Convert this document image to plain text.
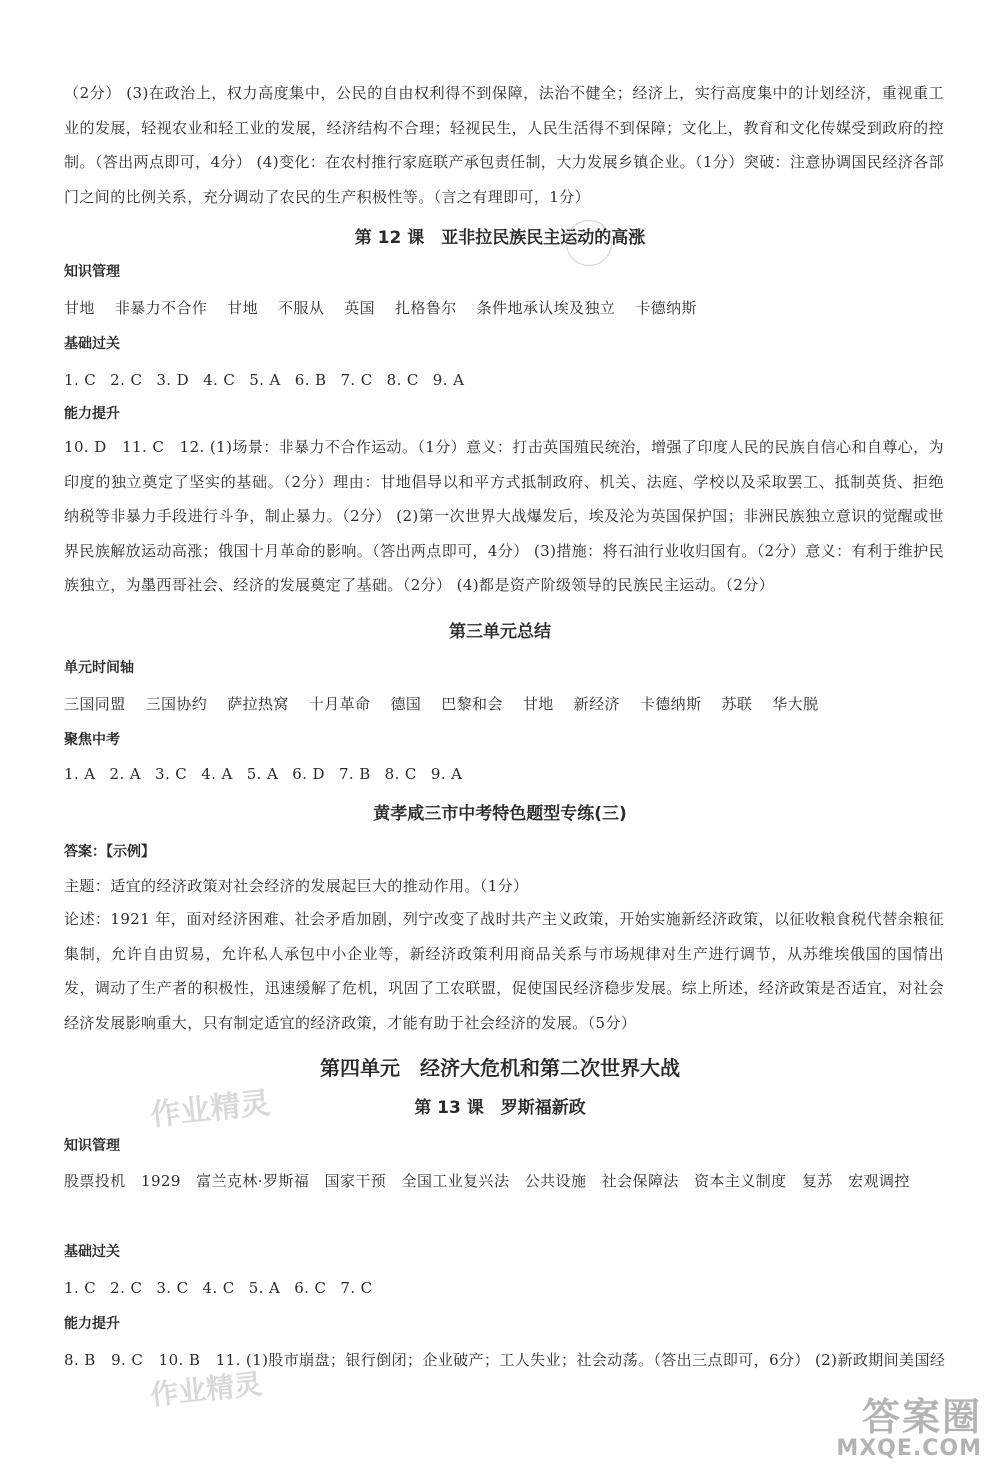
（2分） (3)在政治上，权力高度集中，公民的自由权利得不到保障，法治不健全；经济上，实行高度集中的计划经济，重视重工业的发展，轻视农业和轻工业的发展，经济结构不合理；轻视民生，人民生活得不到保障；文化上，教育和文化传媒受到政府的控制。（答出两点即可，4分） (4)变化：在农村推行家庭联产承包责任制，大力发展乡镇企业。（1分）突破：注意协调国民经济各部门之间的比例关系，充分调动了农民的生产积极性等。（言之有理即可，1分）

第 12 课　亚非拉民族民主运动的高涨
知识管理
甘地 非暴力不合作 甘地 不服从 英国 扎格鲁尔 条件地承认埃及独立 卡德纳斯
基础过关
1. C 2. C 3. D 4. C 5. A 6. B 7. C 8. C 9. A
能力提升

10. D　11. C　12. (1)场景：非暴力不合作运动。（1分）意义：打击英国殖民统治，增强了印度人民的民族自信心和自尊心，为印度的独立奠定了坚实的基础。（2分）理由：甘地倡导以和平方式抵制政府、机关、法庭、学校以及采取罢工、抵制英货、拒绝纳税等非暴力手段进行斗争，制止暴力。（2分） (2)第一次世界大战爆发后，埃及沦为英国保护国；非洲民族独立意识的觉醒或世界民族解放运动高涨；俄国十月革命的影响。（答出两点即可，4分） (3)措施：将石油行业收归国有。（2分）意义：有利于维护民族独立，为墨西哥社会、经济的发展奠定了基础。（2分） (4)都是资产阶级领导的民族民主运动。（2分）

第三单元总结
单元时间轴
三国同盟 三国协约 萨拉热窝 十月革命 德国 巴黎和会 甘地 新经济 卡德纳斯 苏联 华大脱
聚焦中考
1. A 2. A 3. C 4. A 5. A 6. D 7. B 8. C 9. A
黄孝咸三市中考特色题型专练(三)
答案：【示例】
主题：适宜的经济政策对社会经济的发展起巨大的推动作用。（1分）

论述：1921 年，面对经济困难、社会矛盾加剧，列宁改变了战时共产主义政策，开始实施新经济政策，以征收粮食税代替余粮征集制，允许自由贸易，允许私人承包中小企业等，新经济政策利用商品关系与市场规律对生产进行调节，从苏维埃俄国的国情出发，调动了生产者的积极性，迅速缓解了危机，巩固了工农联盟，促使国民经济稳步发展。综上所述，经济政策是否适宜，对社会经济发展影响重大，只有制定适宜的经济政策，才能有助于社会经济的发展。（5分）

第四单元　经济大危机和第二次世界大战
作业精灵	第 13 课　罗斯福新政
知识管理

股票投机　1929　富兰克林·罗斯福　国家干预　全国工业复兴法　公共设施　社会保障法　资本主义制度　复苏　宏观调控

基础过关
1. C 2. C 3. C 4. C 5. A 6. C 7. C
能力提升
8. B　9. C　10. B　11. (1)股市崩盘；银行倒闭；企业破产；工人失业；社会动荡。（答出三点即可，6分） (2)新政期间美国经
作业精灵
答案圈
MXQE.COM
